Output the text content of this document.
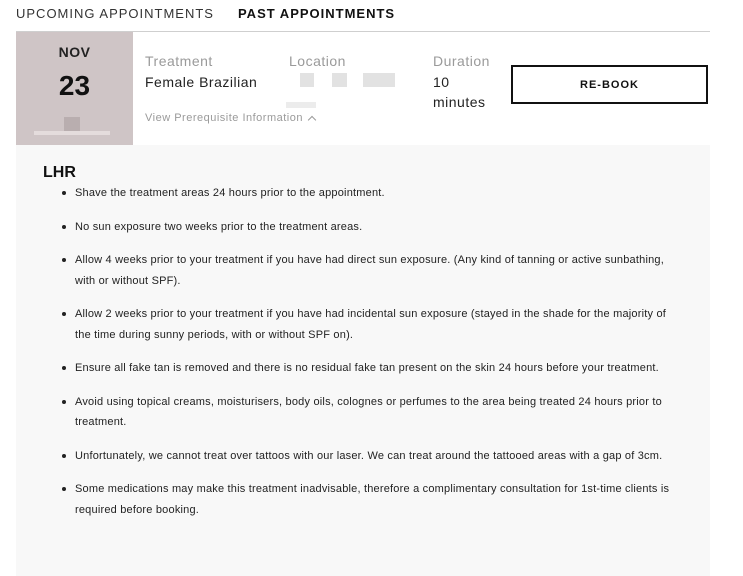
UPCOMING APPOINTMENTS PAST APPOINTMENTS
NOV
23
Treatment
Female Brazilian
Location	Duration
10
minutes
View Prerequisite Information
RE-BOOK
LHR
Shave the treatment areas 24 hours prior to the appointment.
No sun exposure two weeks prior to the treatment areas.
Allow 4 weeks prior to your treatment if you have had direct sun exposure. (Any kind of tanning or active sunbathing, with or without SPF).
Allow 2 weeks prior to your treatment if you have had incidental sun exposure (stayed in the shade for the majority of the time during sunny periods, with or without SPF on).
Ensure all fake tan is removed and there is no residual fake tan present on the skin 24 hours before your treatment.
Avoid using topical creams, moisturisers, body oils, colognes or perfumes to the area being treated 24 hours prior to treatment.
Unfortunately, we cannot treat over tattoos with our laser. We can treat around the tattooed areas with a gap of 3cm.
Some medications may make this treatment inadvisable, therefore a complimentary consultation for 1st-time clients is required before booking.
